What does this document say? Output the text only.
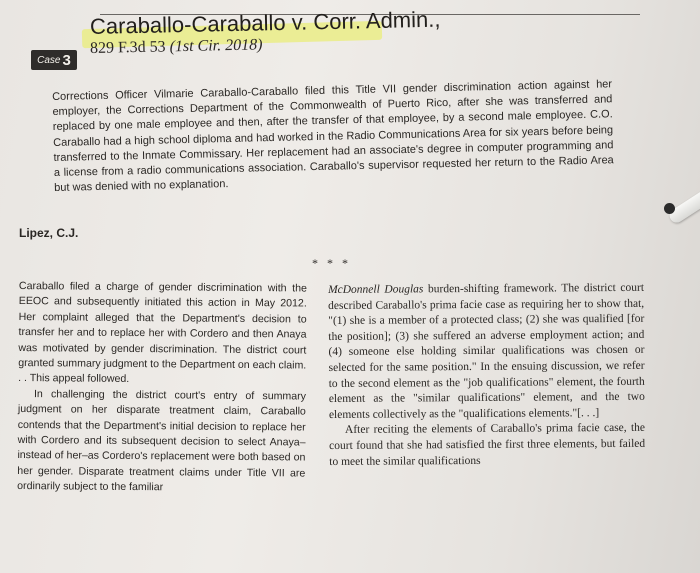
Case 3
Caraballo-Caraballo v. Corr. Admin.,
829 F.3d 53 (1st Cir. 2018)
Corrections Officer Vilmarie Caraballo-Caraballo filed this Title VII gender discrimination action against her employer, the Corrections Department of the Commonwealth of Puerto Rico, after she was transferred and replaced by one male employee and then, after the transfer of that employee, by a second male employee. C.O. Caraballo had a high school diploma and had worked in the Radio Communications Area for six years before being transferred to the Inmate Commissary. Her replacement had an associate's degree in computer programming and a license from a radio communications association. Caraballo's supervisor requested her return to the Radio Area but was denied with no explanation.
Lipez, C.J.
* * *

Caraballo filed a charge of gender discrimination with the EEOC and subsequently initiated this action in May 2012. Her complaint alleged that the Department's decision to transfer her and to replace her with Cordero and then Anaya was motivated by gender discrimination. The district court granted summary judgment to the Department on each claim. . . This appeal followed.

In challenging the district court's entry of summary judgment on her disparate treatment claim, Caraballo contends that the Department's initial decision to replace her with Cordero and its subsequent decision to select Anaya–instead of her–as Cordero's replacement were both based on her gender. Disparate treatment claims under Title VII are ordinarily subject to the familiar

McDonnell Douglas burden-shifting framework. The district court described Caraballo's prima facie case as requiring her to show that, "(1) she is a member of a protected class; (2) she was qualified [for the position]; (3) she suffered an adverse employment action; and (4) someone else holding similar qualifications was chosen or selected for the same position." In the ensuing discussion, we refer to the second element as the "job qualifications" element, the fourth element as the "similar qualifications" element, and the two elements collectively as the "qualifications elements."[. . .]

After reciting the elements of Caraballo's prima facie case, the court found that she had satisfied the first three elements, but failed to meet the similar qualifications
